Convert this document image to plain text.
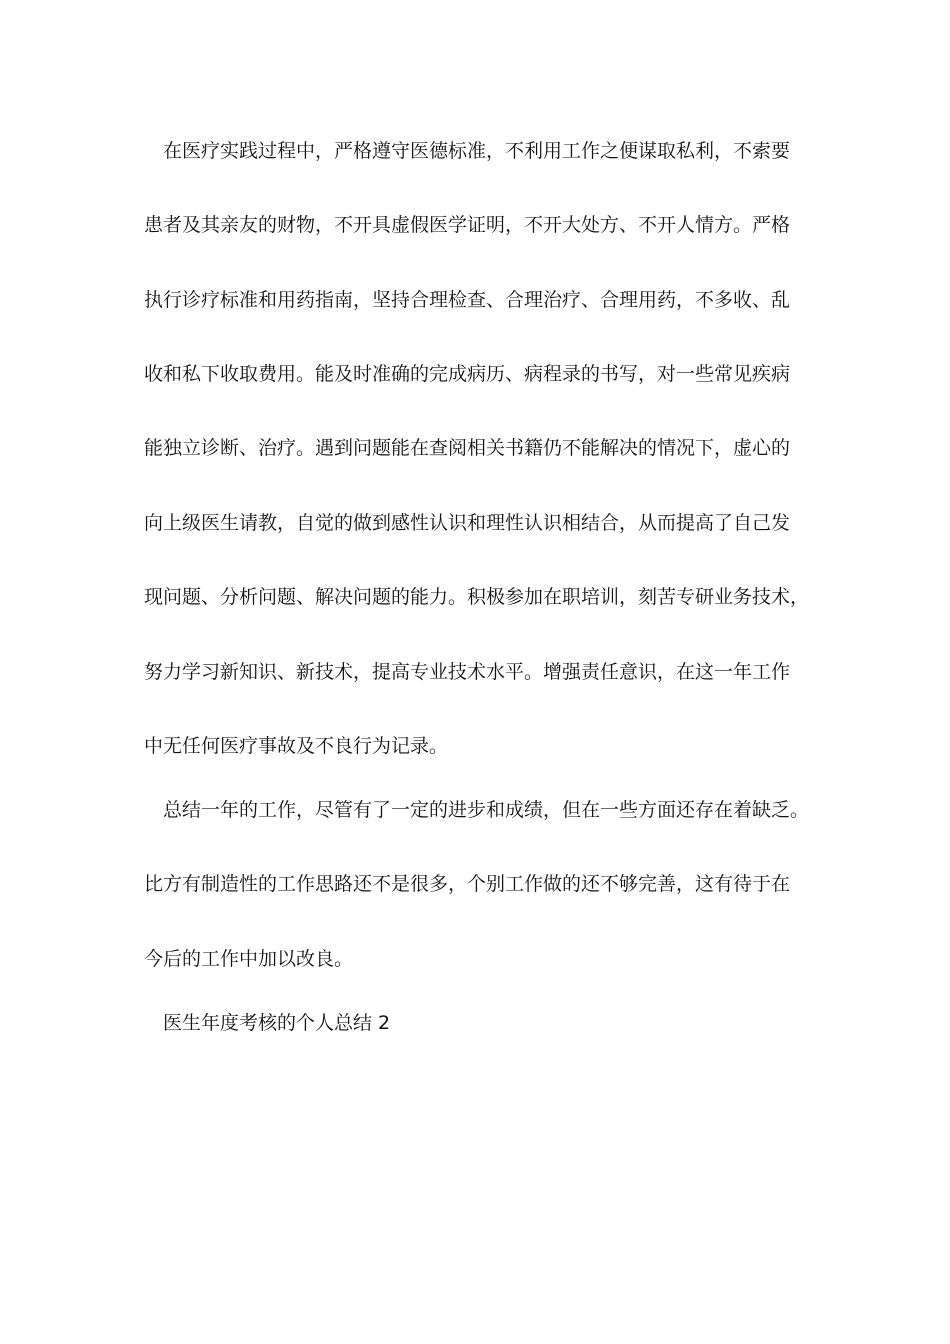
在医疗实践过程中，严格遵守医德标准，不利用工作之便谋取私利，不索要
患者及其亲友的财物，不开具虚假医学证明，不开大处方、不开人情方。严格
执行诊疗标准和用药指南，坚持合理检查、合理治疗、合理用药，不多收、乱
收和私下收取费用。能及时准确的完成病历、病程录的书写，对一些常见疾病
能独立诊断、治疗。遇到问题能在查阅相关书籍仍不能解决的情况下，虚心的
向上级医生请教，自觉的做到感性认识和理性认识相结合，从而提高了自己发
现问题、分析问题、解决问题的能力。积极参加在职培训，刻苦专研业务技术，
努力学习新知识、新技术，提高专业技术水平。增强责任意识，在这一年工作
中无任何医疗事故及不良行为记录。
总结一年的工作，尽管有了一定的进步和成绩，但在一些方面还存在着缺乏。
比方有制造性的工作思路还不是很多，个别工作做的还不够完善，这有待于在
今后的工作中加以改良。
医生年度考核的个人总结 2
